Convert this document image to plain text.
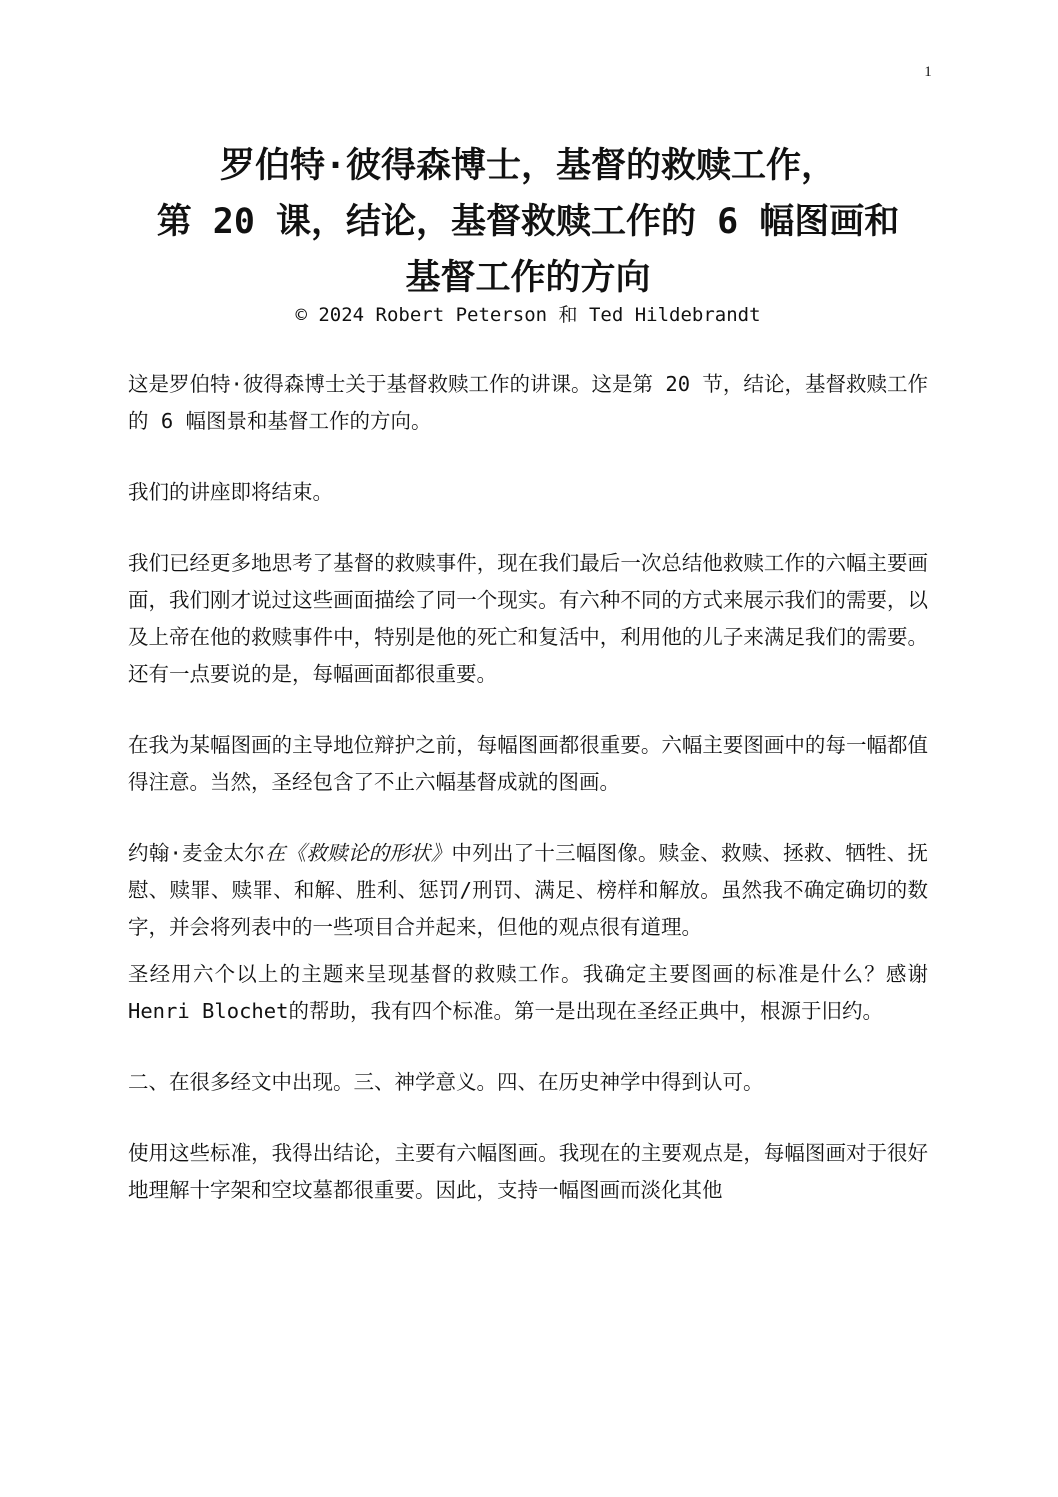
1
罗伯特·彼得森博士，基督的救赎工作，
第 20 课，结论，基督救赎工作的 6 幅图画和
基督工作的方向
© 2024 Robert Peterson 和 Ted Hildebrandt

这是罗伯特·彼得森博士关于基督救赎工作的讲课。这是第 20 节，结论，基督救赎工作的 6 幅图景和基督工作的方向。

我们的讲座即将结束。

我们已经更多地思考了基督的救赎事件，现在我们最后一次总结他救赎工作的六幅主要画面，我们刚才说过这些画面描绘了同一个现实。有六种不同的方式来展示我们的需要，以及上帝在他的救赎事件中，特别是他的死亡和复活中，利用他的儿子来满足我们的需要。还有一点要说的是，每幅画面都很重要。

在我为某幅图画的主导地位辩护之前，每幅图画都很重要。六幅主要图画中的每一幅都值得注意。当然，圣经包含了不止六幅基督成就的图画。

约翰·麦金太尔在《救赎论的形状》中列出了十三幅图像。赎金、救赎、拯救、牺牲、抚慰、赎罪、赎罪、和解、胜利、惩罚/刑罚、满足、榜样和解放。虽然我不确定确切的数字，并会将列表中的一些项目合并起来，但他的观点很有道理。

圣经用六个以上的主题来呈现基督的救赎工作。我确定主要图画的标准是什么？感谢 Henri Blochet的帮助，我有四个标准。第一是出现在圣经正典中，根源于旧约。

二、在很多经文中出现。三、神学意义。四、在历史神学中得到认可。

使用这些标准，我得出结论，主要有六幅图画。我现在的主要观点是，每幅图画对于很好地理解十字架和空坟墓都很重要。因此，支持一幅图画而淡化其他
